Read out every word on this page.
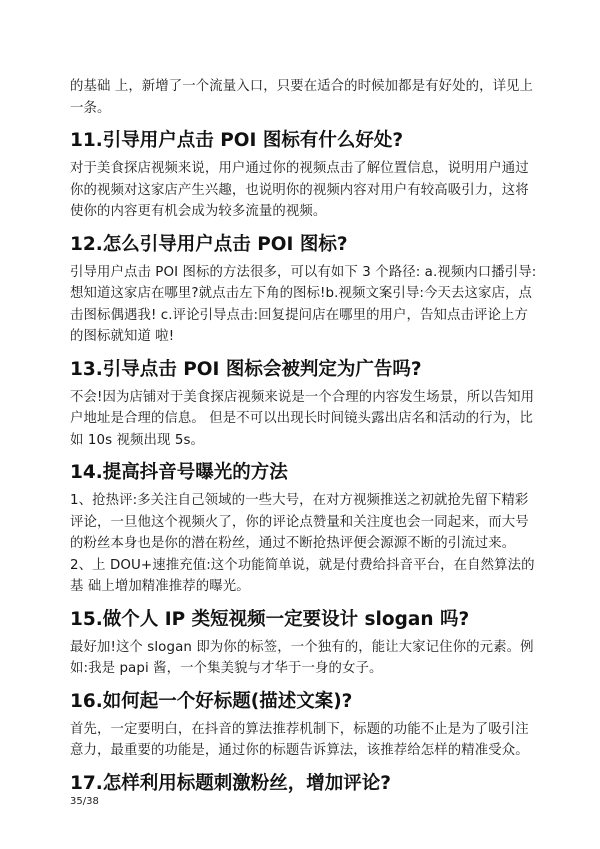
的基础 上，新增了一个流量入口，只要在适合的时候加都是有好处的，详见上一条。

11.引导用户点击 POI 图标有什么好处?

对于美食探店视频来说，用户通过你的视频点击了解位置信息，说明用户通过你的视频对这家店产生兴趣，也说明你的视频内容对用户有较高吸引力，这将使你的内容更有机会成为较多流量的视频。

12.怎么引导用户点击 POI 图标?

引导用户点击 POI 图标的方法很多，可以有如下 3 个路径: a.视频内口播引导:想知道这家店在哪里?就点击左下角的图标!b.视频文案引导:今天去这家店，点击图标偶遇我! c.评论引导点击:回复提问店在哪里的用户，告知点击评论上方的图标就知道 啦!

13.引导点击 POI 图标会被判定为广告吗?

不会!因为店铺对于美食探店视频来说是一个合理的内容发生场景，所以告知用户地址是合理的信息。 但是不可以出现长时间镜头露出店名和活动的行为，比如 10s 视频出现 5s。

14.提高抖音号曝光的方法

1、抢热评:多关注自己领域的一些大号，在对方视频推送之初就抢先留下精彩 评论，一旦他这个视频火了，你的评论点赞量和关注度也会一同起来，而大号 的粉丝本身也是你的潜在粉丝，通过不断抢热评便会源源不断的引流过来。

2、上 DOU+速推充值:这个功能简单说，就是付费给抖音平台，在自然算法的基 础上增加精准推荐的曝光。

15.做个人 IP 类短视频一定要设计 slogan 吗?

最好加!这个 slogan 即为你的标签，一个独有的，能让大家记住你的元素。例 如:我是 papi 酱，一个集美貌与才华于一身的女子。

16.如何起一个好标题(描述文案)?

首先，一定要明白，在抖音的算法推荐机制下，标题的功能不止是为了吸引注意力，最重要的功能是，通过你的标题告诉算法，该推荐给怎样的精准受众。

17.怎样利用标题刺激粉丝，增加评论?
35/38
